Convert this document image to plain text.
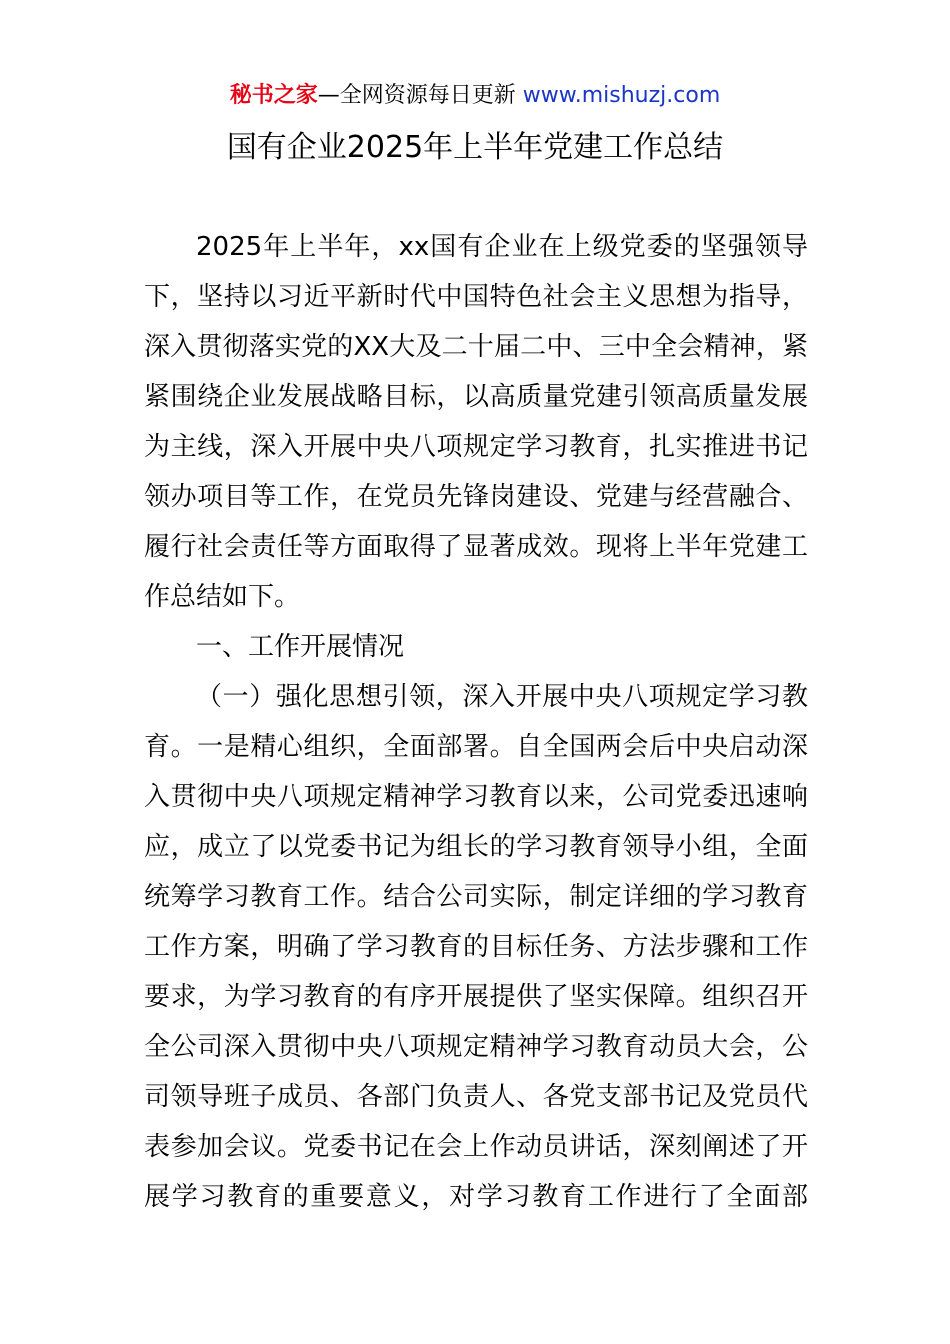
秘书之家—全网资源每日更新 www.mishuzj.com
国有企业2025年上半年党建工作总结
2025年上半年，xx国有企业在上级党委的坚强领导
下，坚持以习近平新时代中国特色社会主义思想为指导，
深入贯彻落实党的XX大及二十届二中、三中全会精神，紧
紧围绕企业发展战略目标，以高质量党建引领高质量发展
为主线，深入开展中央八项规定学习教育，扎实推进书记
领办项目等工作，在党员先锋岗建设、党建与经营融合、
履行社会责任等方面取得了显著成效。现将上半年党建工
作总结如下。
一、工作开展情况
（一）强化思想引领，深入开展中央八项规定学习教
育。一是精心组织，全面部署。自全国两会后中央启动深
入贯彻中央八项规定精神学习教育以来，公司党委迅速响
应，成立了以党委书记为组长的学习教育领导小组，全面
统筹学习教育工作。结合公司实际，制定详细的学习教育
工作方案，明确了学习教育的目标任务、方法步骤和工作
要求，为学习教育的有序开展提供了坚实保障。组织召开
全公司深入贯彻中央八项规定精神学习教育动员大会，公
司领导班子成员、各部门负责人、各党支部书记及党员代
表参加会议。党委书记在会上作动员讲话，深刻阐述了开
展学习教育的重要意义，对学习教育工作进行了全面部
